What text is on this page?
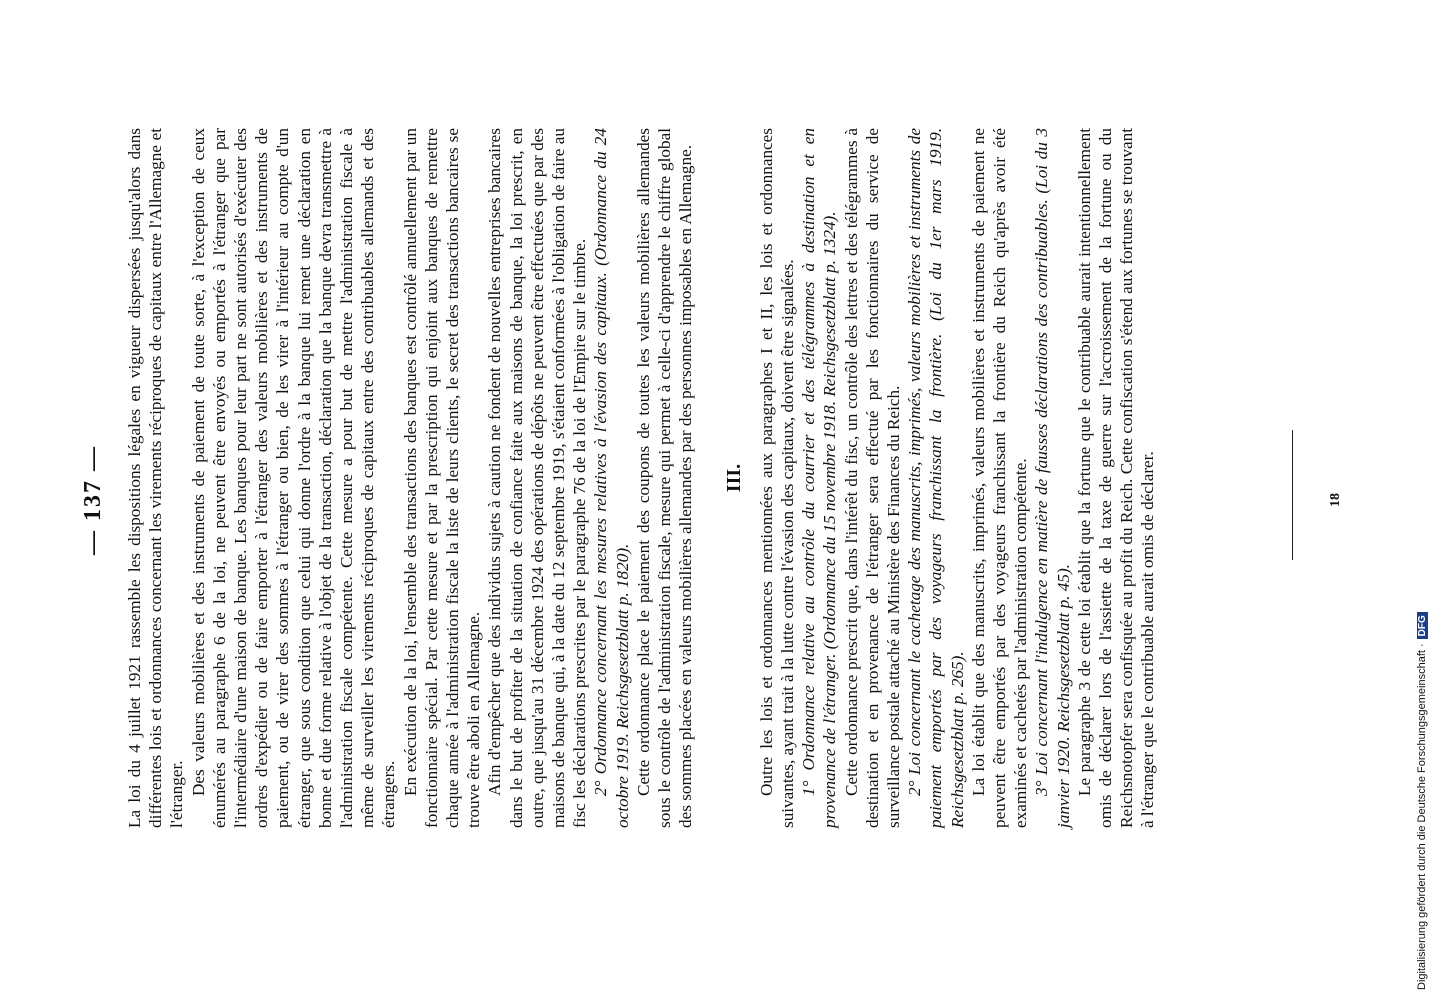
— 137 — La loi du 4 juillet 1921 rassemble les dispositions légales en vigueur dispersées jusqu'alors dans différentes lois et ordonnances concernant les virements réciproques de capitaux entre l'Allemagne et l'étranger. Des valeurs mobilières et des instruments de paiement de toute sorte, à l'exception de ceux énumérés au paragraphe 6 de la loi, ne peuvent être envoyés ou emportés à l'étranger que par l'intermédiaire d'une maison de banque. Les banques pour leur part ne sont autorisés d'exécuter des ordres d'expédier ou de faire emporter à l'étranger des valeurs mobilières et des instruments de paiement, ou de virer des sommes à l'étranger ou bien, de les virer à l'intérieur au compte d'un étranger, que sous condition que celui qui donne l'ordre à la banque lui remet une déclaration en bonne et due forme relative à l'objet de la transaction, déclaration que la banque devra transmettre à l'administration fiscale compétente. Cette mesure a pour but de mettre l'administration fiscale à même de surveiller les virements réciproques de capitaux entre des contribuables allemands et des étrangers. En exécution de la loi, l'ensemble des transactions des banques est contrôlé annuellement par un fonctionnaire spécial. Par cette mesure et par la prescription qui enjoint aux banques de remettre chaque année à l'administration fiscale la liste de leurs clients, le secret des transactions bancaires se trouve être aboli en Allemagne. Afin d'empêcher que des individus sujets à caution ne fondent de nouvelles entreprises bancaires dans le but de profiter de la situation de confiance faite aux maisons de banque, la loi prescrit, en outre, que jusqu'au 31 décembre 1924 des opérations de dépôts ne peuvent être effectuées que par des maisons de banque qui, à la date du 12 septembre 1919, s'étaient conformées à l'obligation de faire au fisc les déclarations prescrites par le paragraphe 76 de la loi de l'Empire sur le timbre. 2° Ordonnance concernant les mesures relatives à l'évasion des capitaux. (Ordonnance du 24 octobre 1919. Reichsgesetzblatt p. 1820). Cette ordonnance place le paiement des coupons de toutes les valeurs mobilières allemandes sous le contrôle de l'administration fiscale, mesure qui permet à celle-ci d'apprendre le chiffre global des sommes placées en valeurs mobilières allemandes par des personnes imposables en Allemagne. III. Outre les lois et ordonnances mentionnées aux paragraphes I et II, les lois et ordonnances suivantes, ayant trait à la lutte contre l'évasion des capitaux, doivent être signalées. 1° Ordonnance relative au contrôle du courrier et des télégrammes à destination et en provenance de l'étranger. (Ordonnance du 15 novembre 1918. Reichsgesetzblatt p. 1324). Cette ordonnance prescrit que, dans l'intérêt du fisc, un contrôle des lettres et des télégrammes à destination et en provenance de l'étranger sera effectué par les fonctionnaires du service de surveillance postale attaché au Ministère des Finances du Reich. 2° Loi concernant le cachetage des manuscrits, imprimés, valeurs mobilières et instruments de paiement emportés par des voyageurs franchissant la frontière. (Loi du 1er mars 1919. Reichsgesetzblatt p. 265). La loi établit que des manuscrits, imprimés, valeurs mobilières et instruments de paiement ne peuvent être emportés par des voyageurs franchissant la frontière du Reich qu'après avoir été examinés et cachetés par l'administration compétente. 3° Loi concernant l'indulgence en matière de fausses déclarations des contribuables. (Loi du 3 janvier 1920. Reichsgesetzblatt p. 45). Le paragraphe 3 de cette loi établit que la fortune que le contribuable aurait intentionnellement omis de déclarer lors de l'assiette de la taxe de guerre sur l'accroissement de la fortune ou du Reichsnotopfer sera confisquée au profit du Reich. Cette confiscation s'étend aux fortunes se trouvant à l'étranger que le contribuable aurait omis de déclarer.	18
Digitalisierung gefördert durch die Deutsche Forschungsgemeinschaft ·DFG
